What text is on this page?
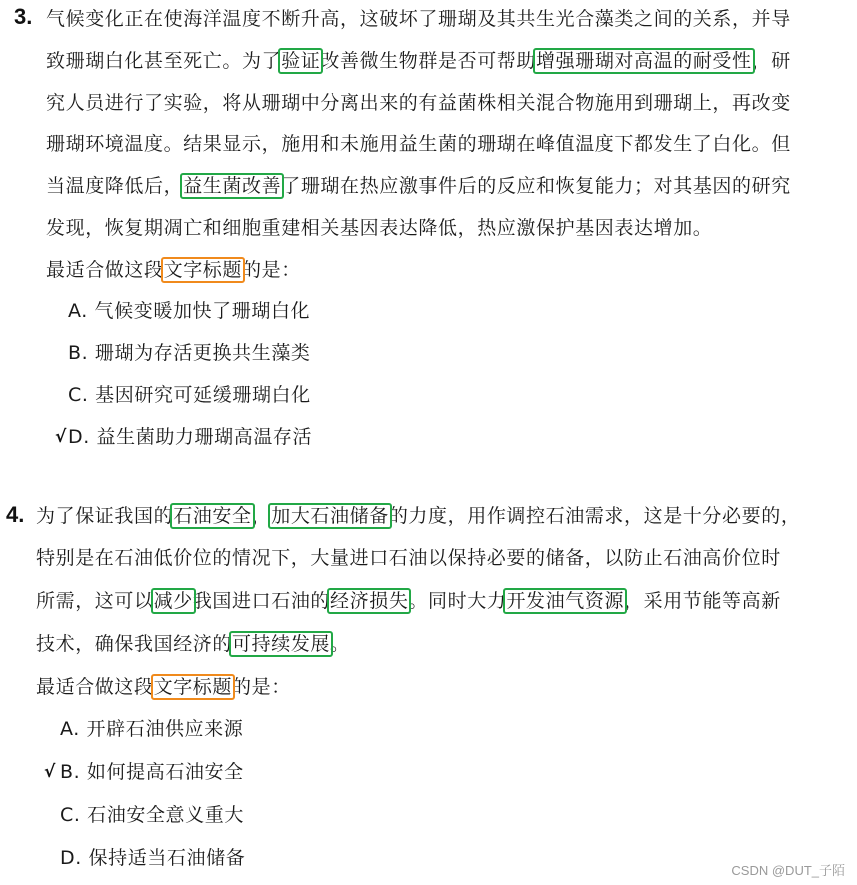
3. 气候变化正在使海洋温度不断升高，这破坏了珊瑚及其共生光合藻类之间的关系，并导
致珊瑚白化甚至死亡。为了验证改善微生物群是否可帮助增强珊瑚对高温的耐受性，研
究人员进行了实验，将从珊瑚中分离出来的有益菌株相关混合物施用到珊瑚上，再改变
珊瑚环境温度。结果显示，施用和未施用益生菌的珊瑚在峰值温度下都发生了白化。但
当温度降低后，益生菌改善了珊瑚在热应激事件后的反应和恢复能力；对其基因的研究
发现，恢复期凋亡和细胞重建相关基因表达降低，热应激保护基因表达增加。
最适合做这段文字标题的是：
A. 气候变暖加快了珊瑚白化
B. 珊瑚为存活更换共生藻类
C. 基因研究可延缓珊瑚白化
√ D. 益生菌助力珊瑚高温存活
4. 为了保证我国的石油安全，加大石油储备的力度，用作调控石油需求，这是十分必要的，
特别是在石油低价位的情况下，大量进口石油以保持必要的储备，以防止石油高价位时
所需，这可以减少我国进口石油的经济损失。同时大力开发油气资源，采用节能等高新
技术，确保我国经济的可持续发展。
最适合做这段文字标题的是：
A. 开辟石油供应来源
√ B. 如何提高石油安全
C. 石油安全意义重大
D. 保持适当石油储备
CSDN @DUT_子陌
